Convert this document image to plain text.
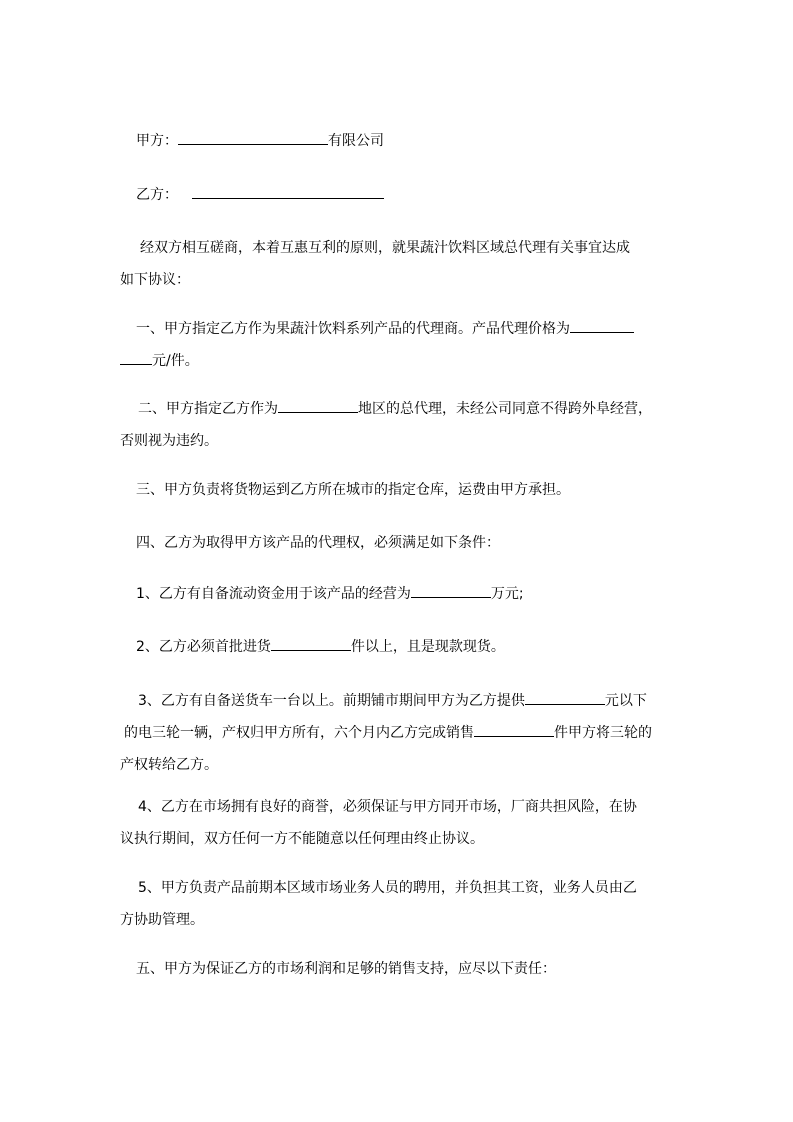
甲方：	有限公司

乙方：

经双方相互磋商，本着互惠互利的原则，就果蔬汁饮料区域总代理有关事宜达成
如下协议：

一、甲方指定乙方作为果蔬汁饮料系列产品的代理商。产品代理价格为
元/件。

二、甲方指定乙方作为	地区的总代理，未经公司同意不得跨外阜经营，
否则视为违约。

三、甲方负责将货物运到乙方所在城市的指定仓库，运费由甲方承担。

四、乙方为取得甲方该产品的代理权，必须满足如下条件：

1、乙方有自备流动资金用于该产品的经营为	万元;

2、乙方必须首批进货	件以上，且是现款现货。

3、乙方有自备送货车一台以上。前期铺市期间甲方为乙方提供	元以下
的电三轮一辆，产权归甲方所有，六个月内乙方完成销售	件甲方将三轮的
产权转给乙方。

4、乙方在市场拥有良好的商誉，必须保证与甲方同开市场，厂商共担风险，在协
议执行期间，双方任何一方不能随意以任何理由终止协议。

5、甲方负责产品前期本区域市场业务人员的聘用，并负担其工资，业务人员由乙
方协助管理。

五、甲方为保证乙方的市场利润和足够的销售支持，应尽以下责任：
